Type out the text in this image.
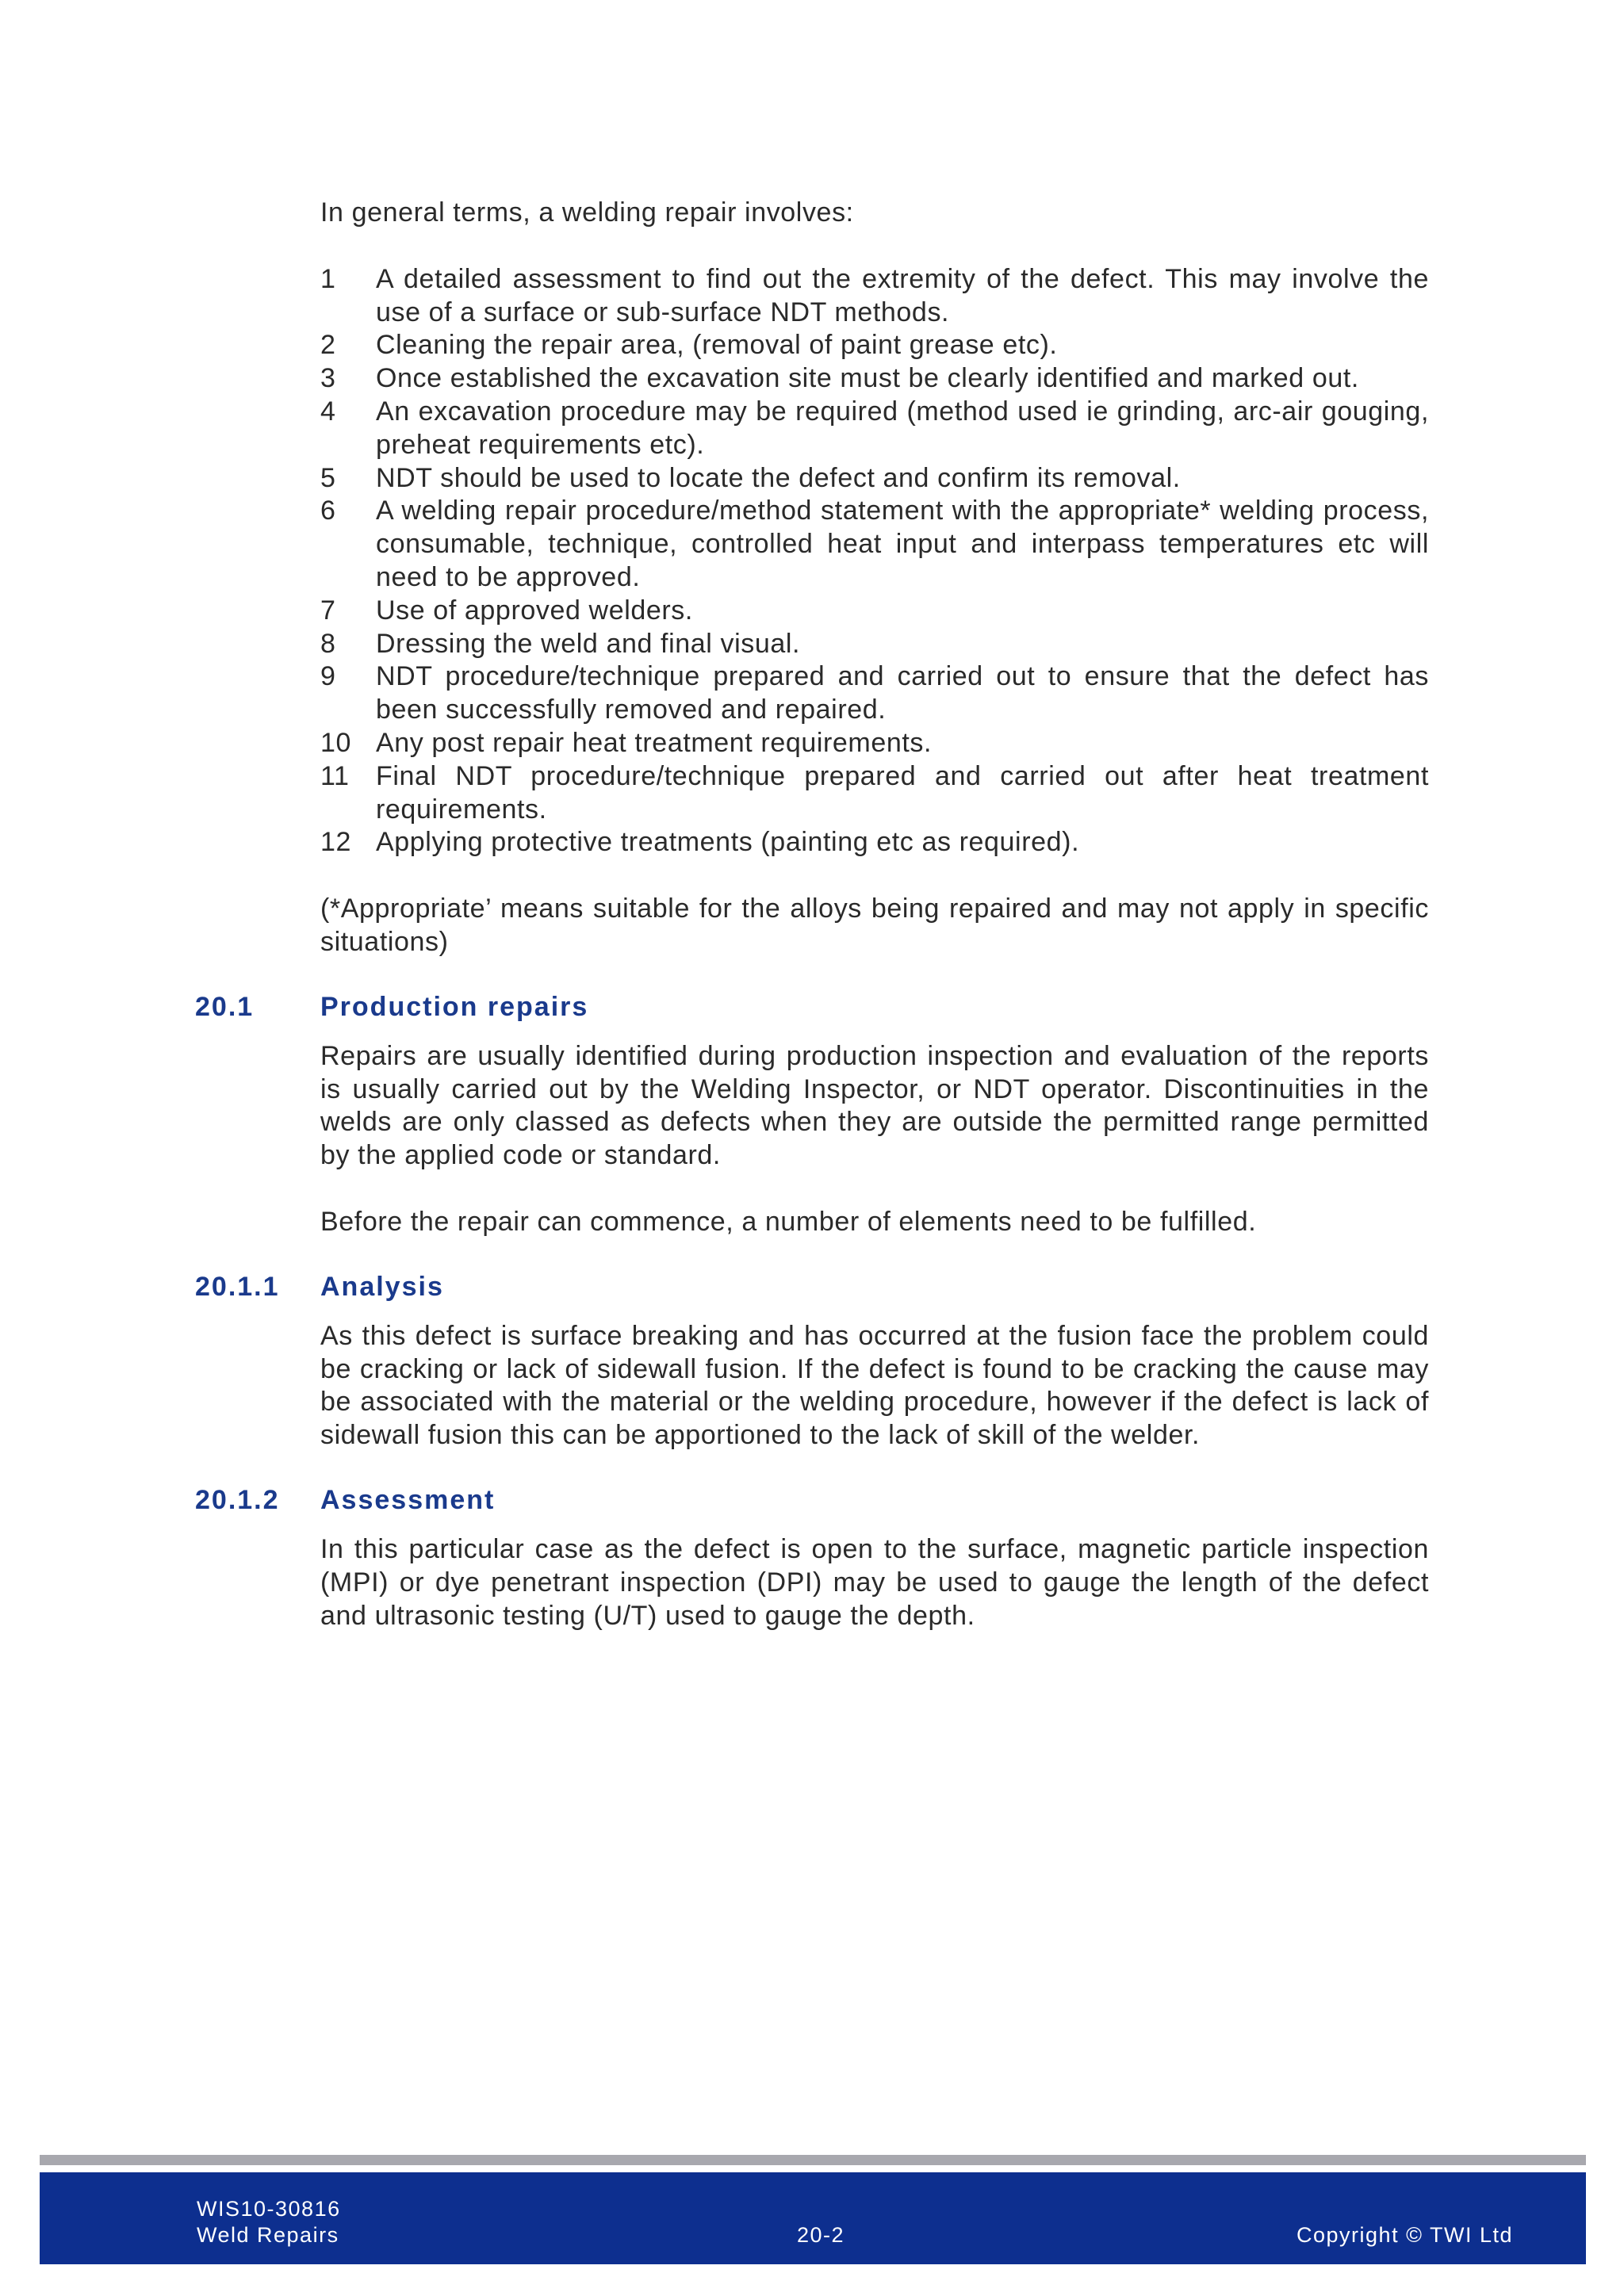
In general terms, a welding repair involves:

1	A detailed assessment to find out the extremity of the defect. This may involve the use of a surface or sub-surface NDT methods.
2	Cleaning the repair area, (removal of paint grease etc).
3	Once established the excavation site must be clearly identified and marked out.
4	An excavation procedure may be required (method used ie grinding, arc-air gouging, preheat requirements etc).
5	NDT should be used to locate the defect and confirm its removal.
6	A welding repair procedure/method statement with the appropriate* welding process, consumable, technique, controlled heat input and interpass temperatures etc will need to be approved.
7	Use of approved welders.
8	Dressing the weld and final visual.
9	NDT procedure/technique prepared and carried out to ensure that the defect has been successfully removed and repaired.
10 Any post repair heat treatment requirements.
11 Final NDT procedure/technique prepared and carried out after heat treatment requirements.
12 Applying protective treatments (painting etc as required).

(*Appropriate’ means suitable for the alloys being repaired and may not apply in specific situations)

20.1	Production repairs

Repairs are usually identified during production inspection and evaluation of the reports is usually carried out by the Welding Inspector, or NDT operator. Discontinuities in the welds are only classed as defects when they are outside the permitted range permitted by the applied code or standard.

Before the repair can commence, a number of elements need to be fulfilled.

20.1.1	Analysis

As this defect is surface breaking and has occurred at the fusion face the problem could be cracking or lack of sidewall fusion. If the defect is found to be cracking the cause may be associated with the material or the welding procedure, however if the defect is lack of sidewall fusion this can be apportioned to the lack of skill of the welder.

20.1.2	Assessment

In this particular case as the defect is open to the surface, magnetic particle inspection (MPI) or dye penetrant inspection (DPI) may be used to gauge the length of the defect and ultrasonic testing (U/T) used to gauge the depth.

WIS10-30816
Weld Repairs	20-2	Copyright © TWI Ltd
